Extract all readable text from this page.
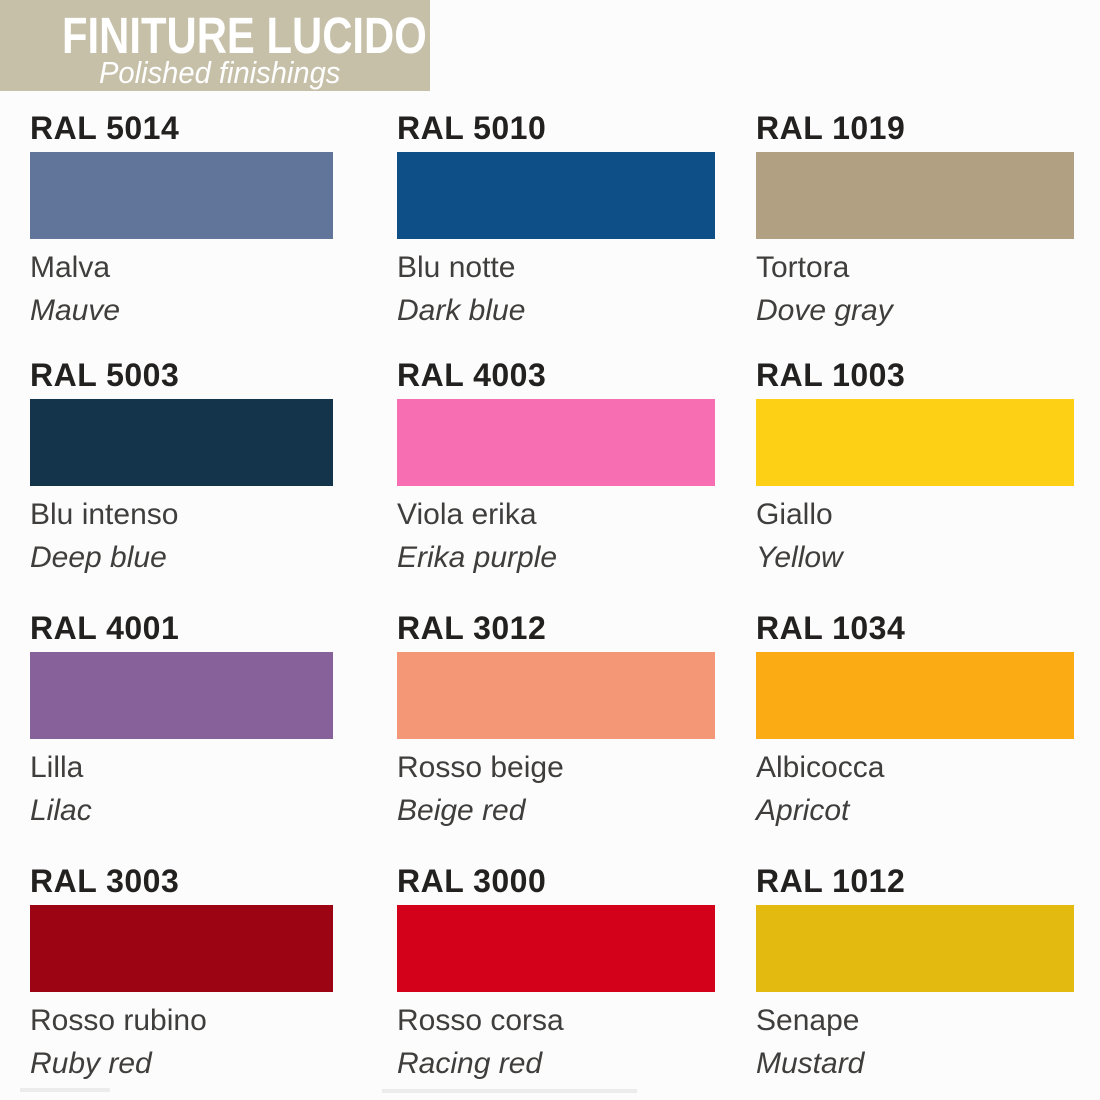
FINITURE LUCIDO
Polished finishings
RAL 5014
Malva
Mauve
RAL 5010
Blu notte
Dark blue
RAL 1019
Tortora
Dove gray
RAL 5003
Blu intenso
Deep blue
RAL 4003
Viola erika
Erika purple
RAL 1003
Giallo
Yellow
RAL 4001
Lilla
Lilac
RAL 3012
Rosso beige
Beige red
RAL 1034
Albicocca
Apricot
RAL 3003
Rosso rubino
Ruby red
RAL 3000
Rosso corsa
Racing red
RAL 1012
Senape
Mustard
